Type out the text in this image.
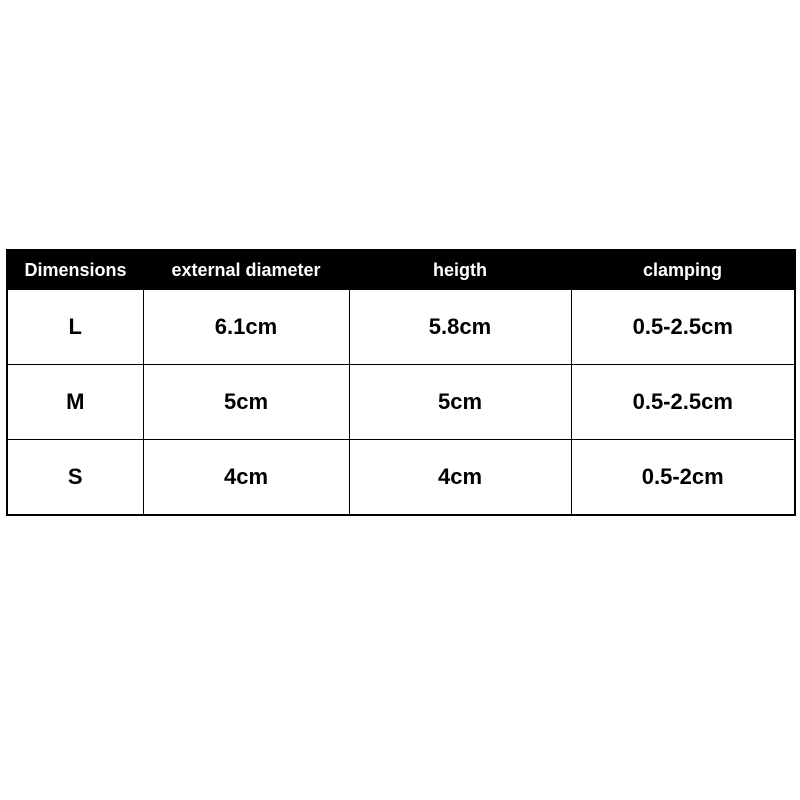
Dimensions	external diameter	heigth	clamping
L	6.1cm	5.8cm	0.5-2.5cm
M	5cm	5cm	0.5-2.5cm
S	4cm	4cm	0.5-2cm
